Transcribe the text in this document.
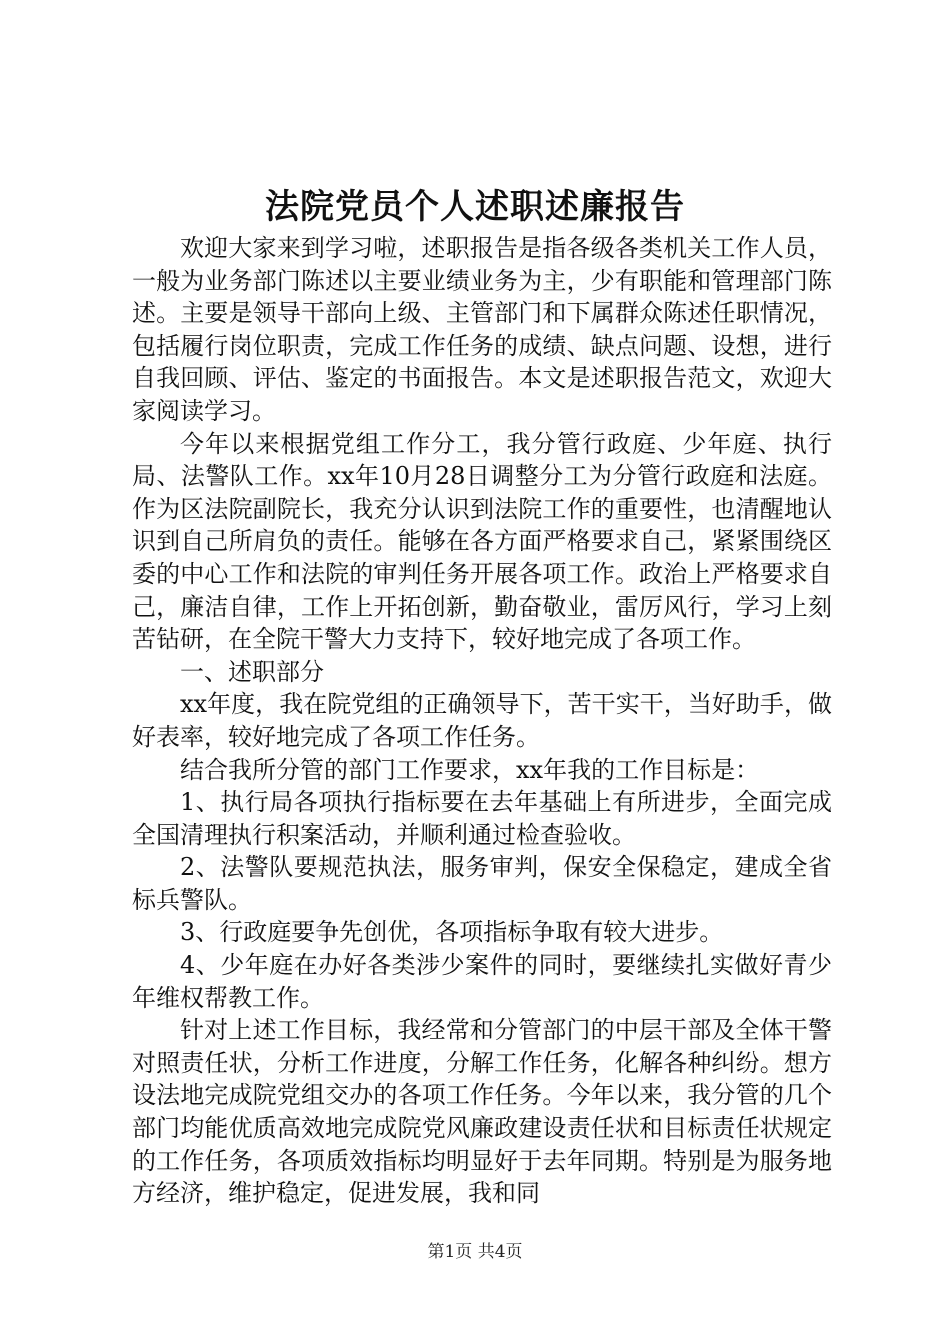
法院党员个人述职述廉报告

欢迎大家来到学习啦，述职报告是指各级各类机关工作人员，一般为业务部门陈述以主要业绩业务为主，少有职能和管理部门陈述。主要是领导干部向上级、主管部门和下属群众陈述任职情况，包括履行岗位职责，完成工作任务的成绩、缺点问题、设想，进行自我回顾、评估、鉴定的书面报告。本文是述职报告范文，欢迎大家阅读学习。

今年以来根据党组工作分工，我分管行政庭、少年庭、执行局、法警队工作。xx年10月28日调整分工为分管行政庭和法庭。作为区法院副院长，我充分认识到法院工作的重要性，也清醒地认识到自己所肩负的责任。能够在各方面严格要求自己，紧紧围绕区委的中心工作和法院的审判任务开展各项工作。政治上严格要求自己，廉洁自律，工作上开拓创新，勤奋敬业，雷厉风行，学习上刻苦钻研，在全院干警大力支持下，较好地完成了各项工作。

一、述职部分

xx年度，我在院党组的正确领导下，苦干实干，当好助手，做好表率，较好地完成了各项工作任务。

结合我所分管的部门工作要求，xx年我的工作目标是：

1、执行局各项执行指标要在去年基础上有所进步，全面完成全国清理执行积案活动，并顺利通过检查验收。

2、法警队要规范执法，服务审判，保安全保稳定，建成全省标兵警队。

3、行政庭要争先创优，各项指标争取有较大进步。

4、少年庭在办好各类涉少案件的同时，要继续扎实做好青少年维权帮教工作。

针对上述工作目标，我经常和分管部门的中层干部及全体干警对照责任状，分析工作进度，分解工作任务，化解各种纠纷。想方设法地完成院党组交办的各项工作任务。今年以来，我分管的几个部门均能优质高效地完成院党风廉政建设责任状和目标责任状规定的工作任务，各项质效指标均明显好于去年同期。特别是为服务地方经济，维护稳定，促进发展，我和同

第1页 共4页
